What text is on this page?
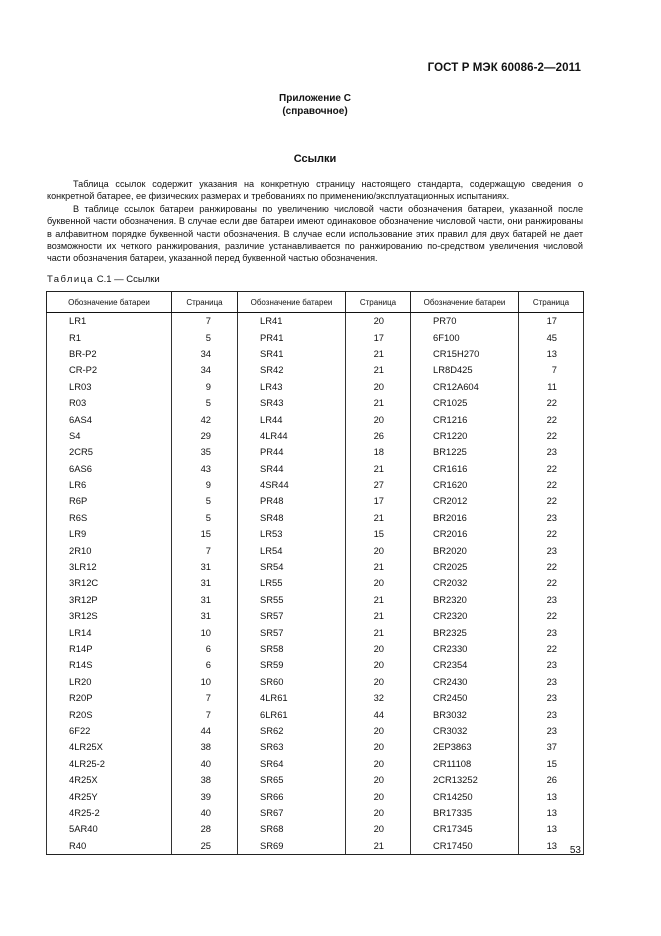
ГОСТ Р МЭК 60086-2—2011
Приложение С
(справочное)
Ссылки

Таблица ссылок содержит указания на конкретную страницу настоящего стандарта, содержащую сведения о конкретной батарее, ее физических размерах и требованиях по применению/эксплуатационных испытаниях.

В таблице ссылок батареи ранжированы по увеличению числовой части обозначения батареи, указанной после буквенной части обозначения. В случае если две батареи имеют одинаковое обозначение числовой части, они ранжированы в алфавитном порядке буквенной части обозначения. В случае если использование этих правил для двух батарей не дает возможности их четкого ранжирования, различие устанавливается по ранжированию по-средством увеличения числовой части обозначения батареи, указанной перед буквенной частью обозначения.

Таблица С.1 — Ссылки
Обозначение батареи	Страница	Обозначение батареи	Страница	Обозначение батареи	Страница
LR1	7	LR41	20	PR70	17
R1	5	PR41	17	6F100	45
BR-P2	34	SR41	21	CR15H270	13
CR-P2	34	SR42	21	LR8D425	7
LR03	9	LR43	20	CR12A604	11
R03	5	SR43	21	CR1025	22
6AS4	42	LR44	20	CR1216	22
S4	29	4LR44	26	CR1220	22
2CR5	35	PR44	18	BR1225	23
6AS6	43	SR44	21	CR1616	22
LR6	9	4SR44	27	CR1620	22
R6P	5	PR48	17	CR2012	22
R6S	5	SR48	21	BR2016	23
LR9	15	LR53	15	CR2016	22
2R10	7	LR54	20	BR2020	23
3LR12	31	SR54	21	CR2025	22
3R12C	31	LR55	20	CR2032	22
3R12P	31	SR55	21	BR2320	23
3R12S	31	SR57	21	CR2320	22
LR14	10	SR57	21	BR2325	23
R14P	6	SR58	20	CR2330	22
R14S	6	SR59	20	CR2354	23
LR20	10	SR60	20	CR2430	23
R20P	7	4LR61	32	CR2450	23
R20S	7	6LR61	44	BR3032	23
6F22	44	SR62	20	CR3032	23
4LR25X	38	SR63	20	2EP3863	37
4LR25-2	40	SR64	20	CR11108	15
4R25X	38	SR65	20	2CR13252	26
4R25Y	39	SR66	20	CR14250	13
4R25-2	40	SR67	20	BR17335	13
5AR40	28	SR68	20	CR17345	13
R40	25	SR69	21	CR17450	13 53
